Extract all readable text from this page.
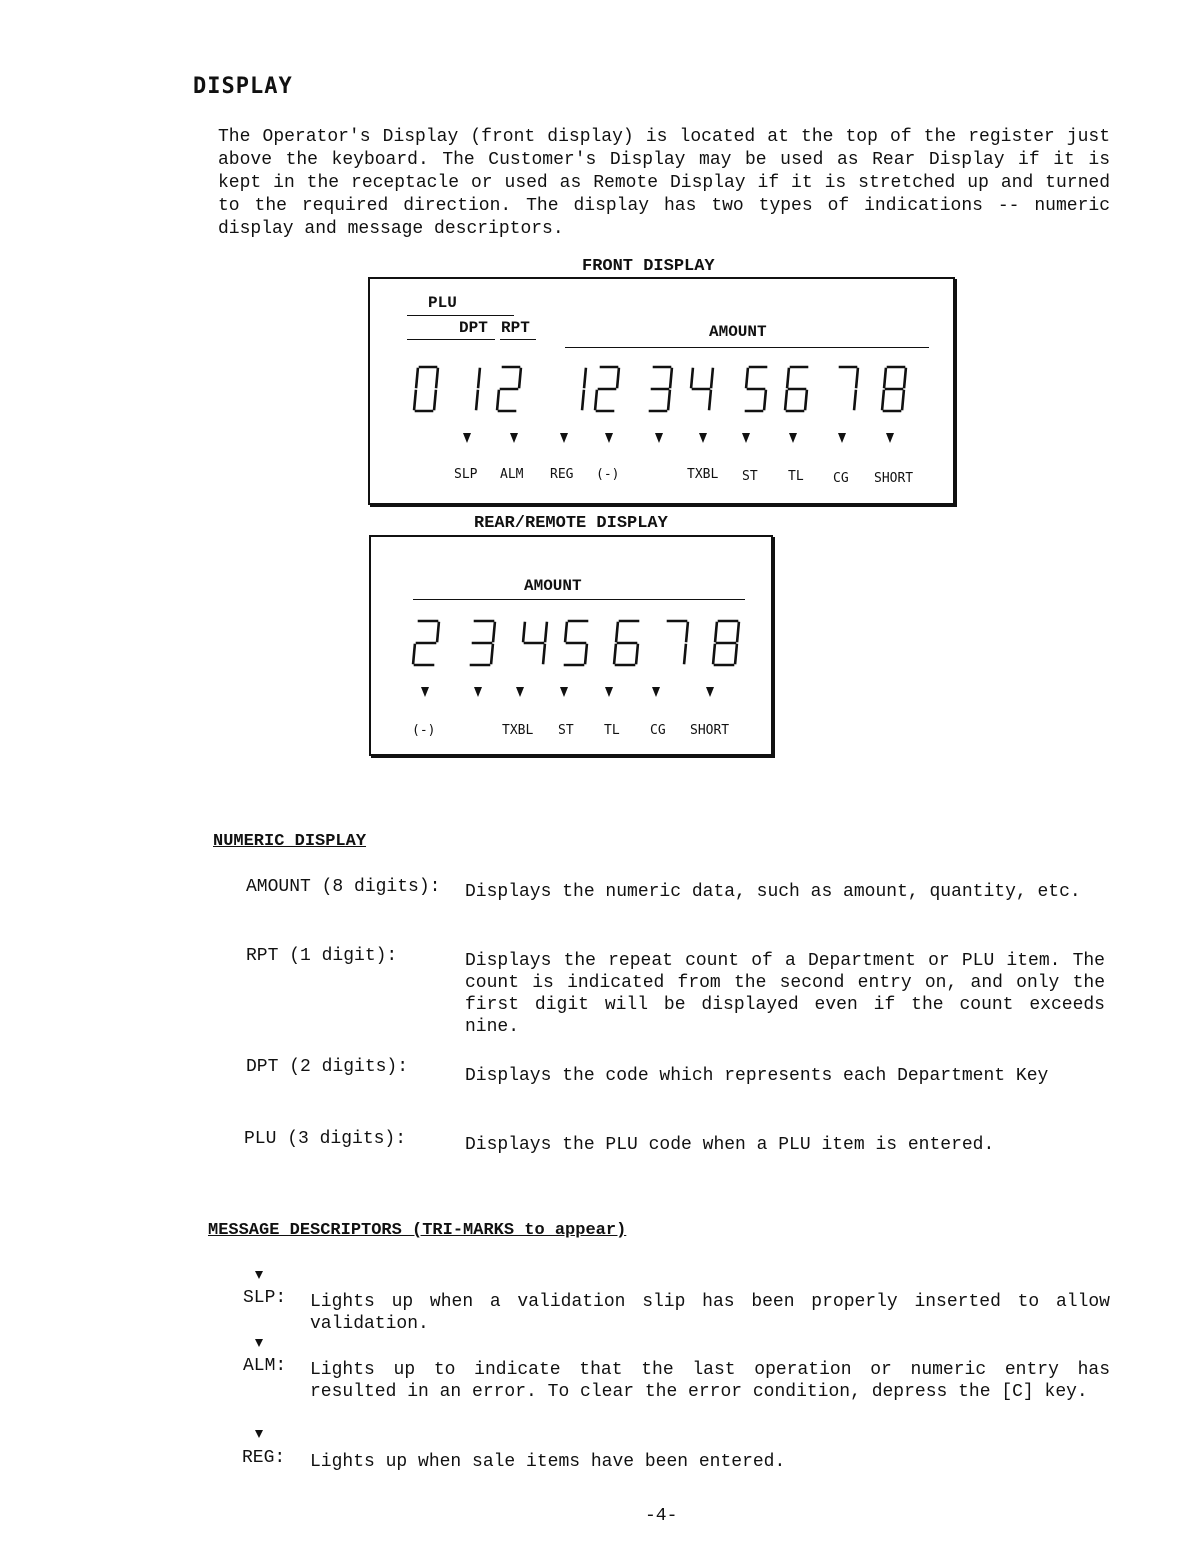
DISPLAY

The Operator's Display (front display) is located at the top of the register just above the keyboard. The Customer's Display may be used as Rear Display if it is kept in the receptacle or used as Remote Display if it is stretched up and turned to the required direction. The display has two types of indications -- numeric display and message descriptors.

FRONT DISPLAY
PLU
DPT RPT	AMOUNT
SLP ALM REG (-)	TXBL ST TL CG SHORT
REAR/REMOTE DISPLAY
AMOUNT
(-)	TXBL ST TL CG SHORT
NUMERIC DISPLAY
AMOUNT (8 digits): Displays the numeric data, such as amount, quantity, etc.

RPT (1 digit):	Displays the repeat count of a Department or PLU item. The count is indicated from the second entry on, and only the first digit will be displayed even if the count exceeds nine.

DPT (2 digits):	Displays the code which represents each Department Key

PLU (3 digits):	Displays the PLU code when a PLU item is entered.

MESSAGE DESCRIPTORS (TRI-MARKS to appear)
SLP: Lights up when a validation slip has been properly inserted to allow validation.

ALM: Lights up to indicate that the last operation or numeric entry has resulted in an error. To clear the error condition, depress the [C] key.

REG: Lights up when sale items have been entered.

-4-
